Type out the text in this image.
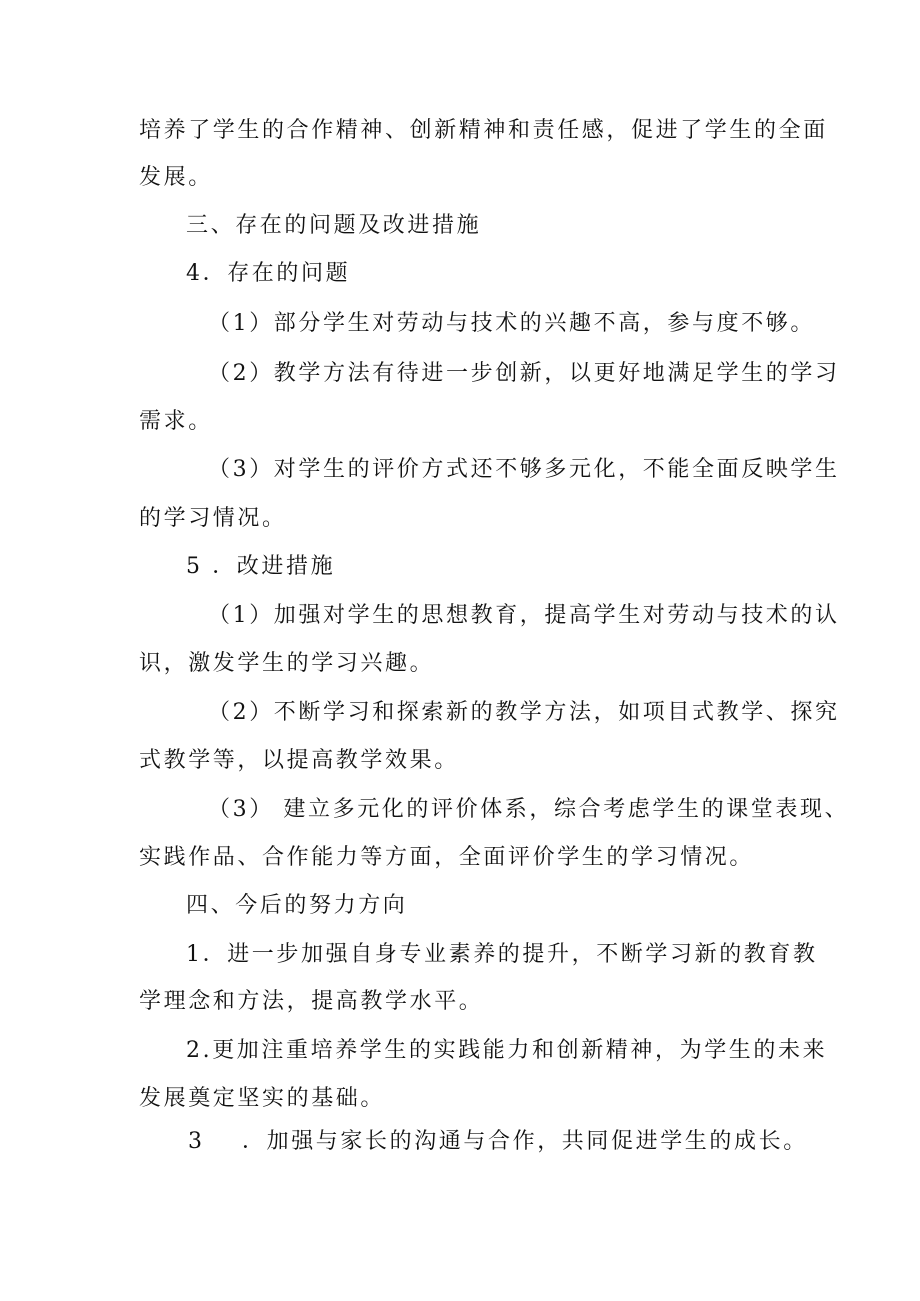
培养了学生的合作精神、创新精神和责任感，促进了学生的全面
发展。
三、存在的问题及改进措施
4．存在的问题
（1）部分学生对劳动与技术的兴趣不高，参与度不够。
（2）教学方法有待进一步创新，以更好地满足学生的学习
需求。
（3）对学生的评价方式还不够多元化，不能全面反映学生
的学习情况。
5 ．改进措施
（1）加强对学生的思想教育，提高学生对劳动与技术的认
识，激发学生的学习兴趣。
（2）不断学习和探索新的教学方法，如项目式教学、探究
式教学等，以提高教学效果。
（3） 建立多元化的评价体系，综合考虑学生的课堂表现、
实践作品、合作能力等方面，全面评价学生的学习情况。
四、今后的努力方向
1．进一步加强自身专业素养的提升，不断学习新的教育教
学理念和方法，提高教学水平。
2.更加注重培养学生的实践能力和创新精神，为学生的未来
发展奠定坚实的基础。
3 ．加强与家长的沟通与合作，共同促进学生的成长。
